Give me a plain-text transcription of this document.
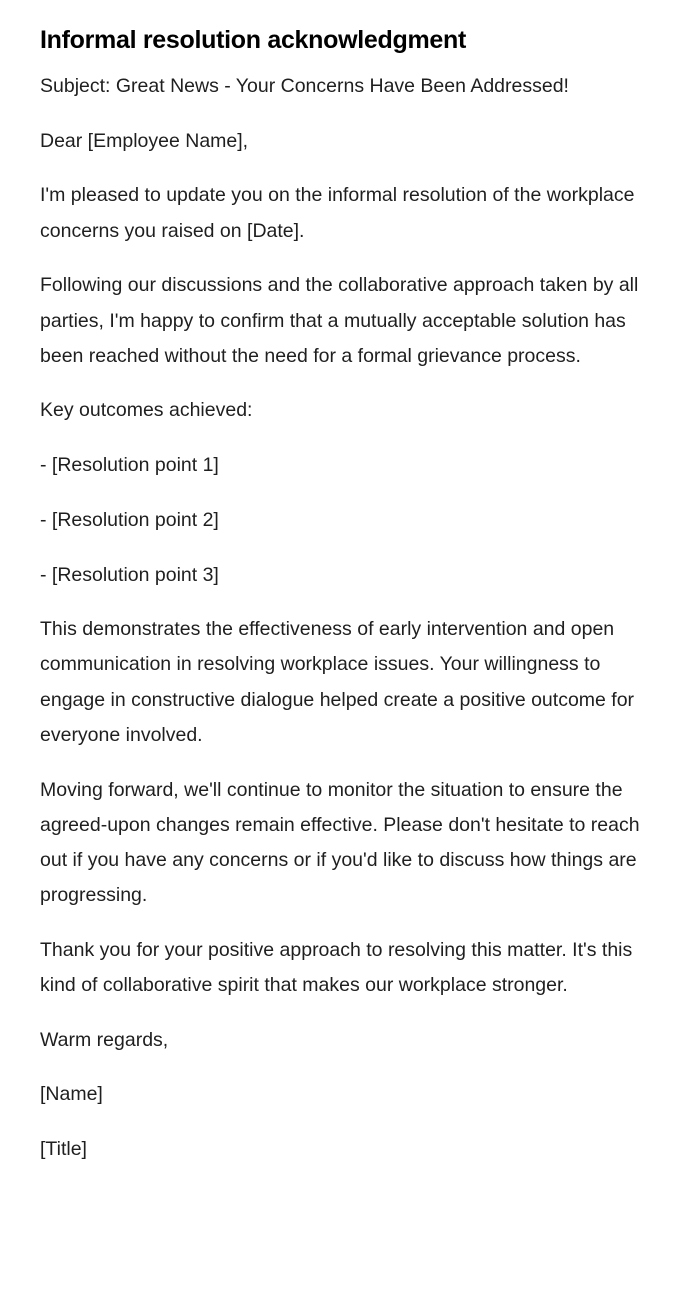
Informal resolution acknowledgment

Subject: Great News - Your Concerns Have Been Addressed!

Dear [Employee Name],

I'm pleased to update you on the informal resolution of the workplace concerns you raised on [Date].

Following our discussions and the collaborative approach taken by all parties, I'm happy to confirm that a mutually acceptable solution has been reached without the need for a formal grievance process.

Key outcomes achieved:

- [Resolution point 1]

- [Resolution point 2]

- [Resolution point 3]

This demonstrates the effectiveness of early intervention and open communication in resolving workplace issues. Your willingness to engage in constructive dialogue helped create a positive outcome for everyone involved.

Moving forward, we'll continue to monitor the situation to ensure the agreed-upon changes remain effective. Please don't hesitate to reach out if you have any concerns or if you'd like to discuss how things are progressing.

Thank you for your positive approach to resolving this matter. It's this kind of collaborative spirit that makes our workplace stronger.

Warm regards,

[Name]

[Title]
